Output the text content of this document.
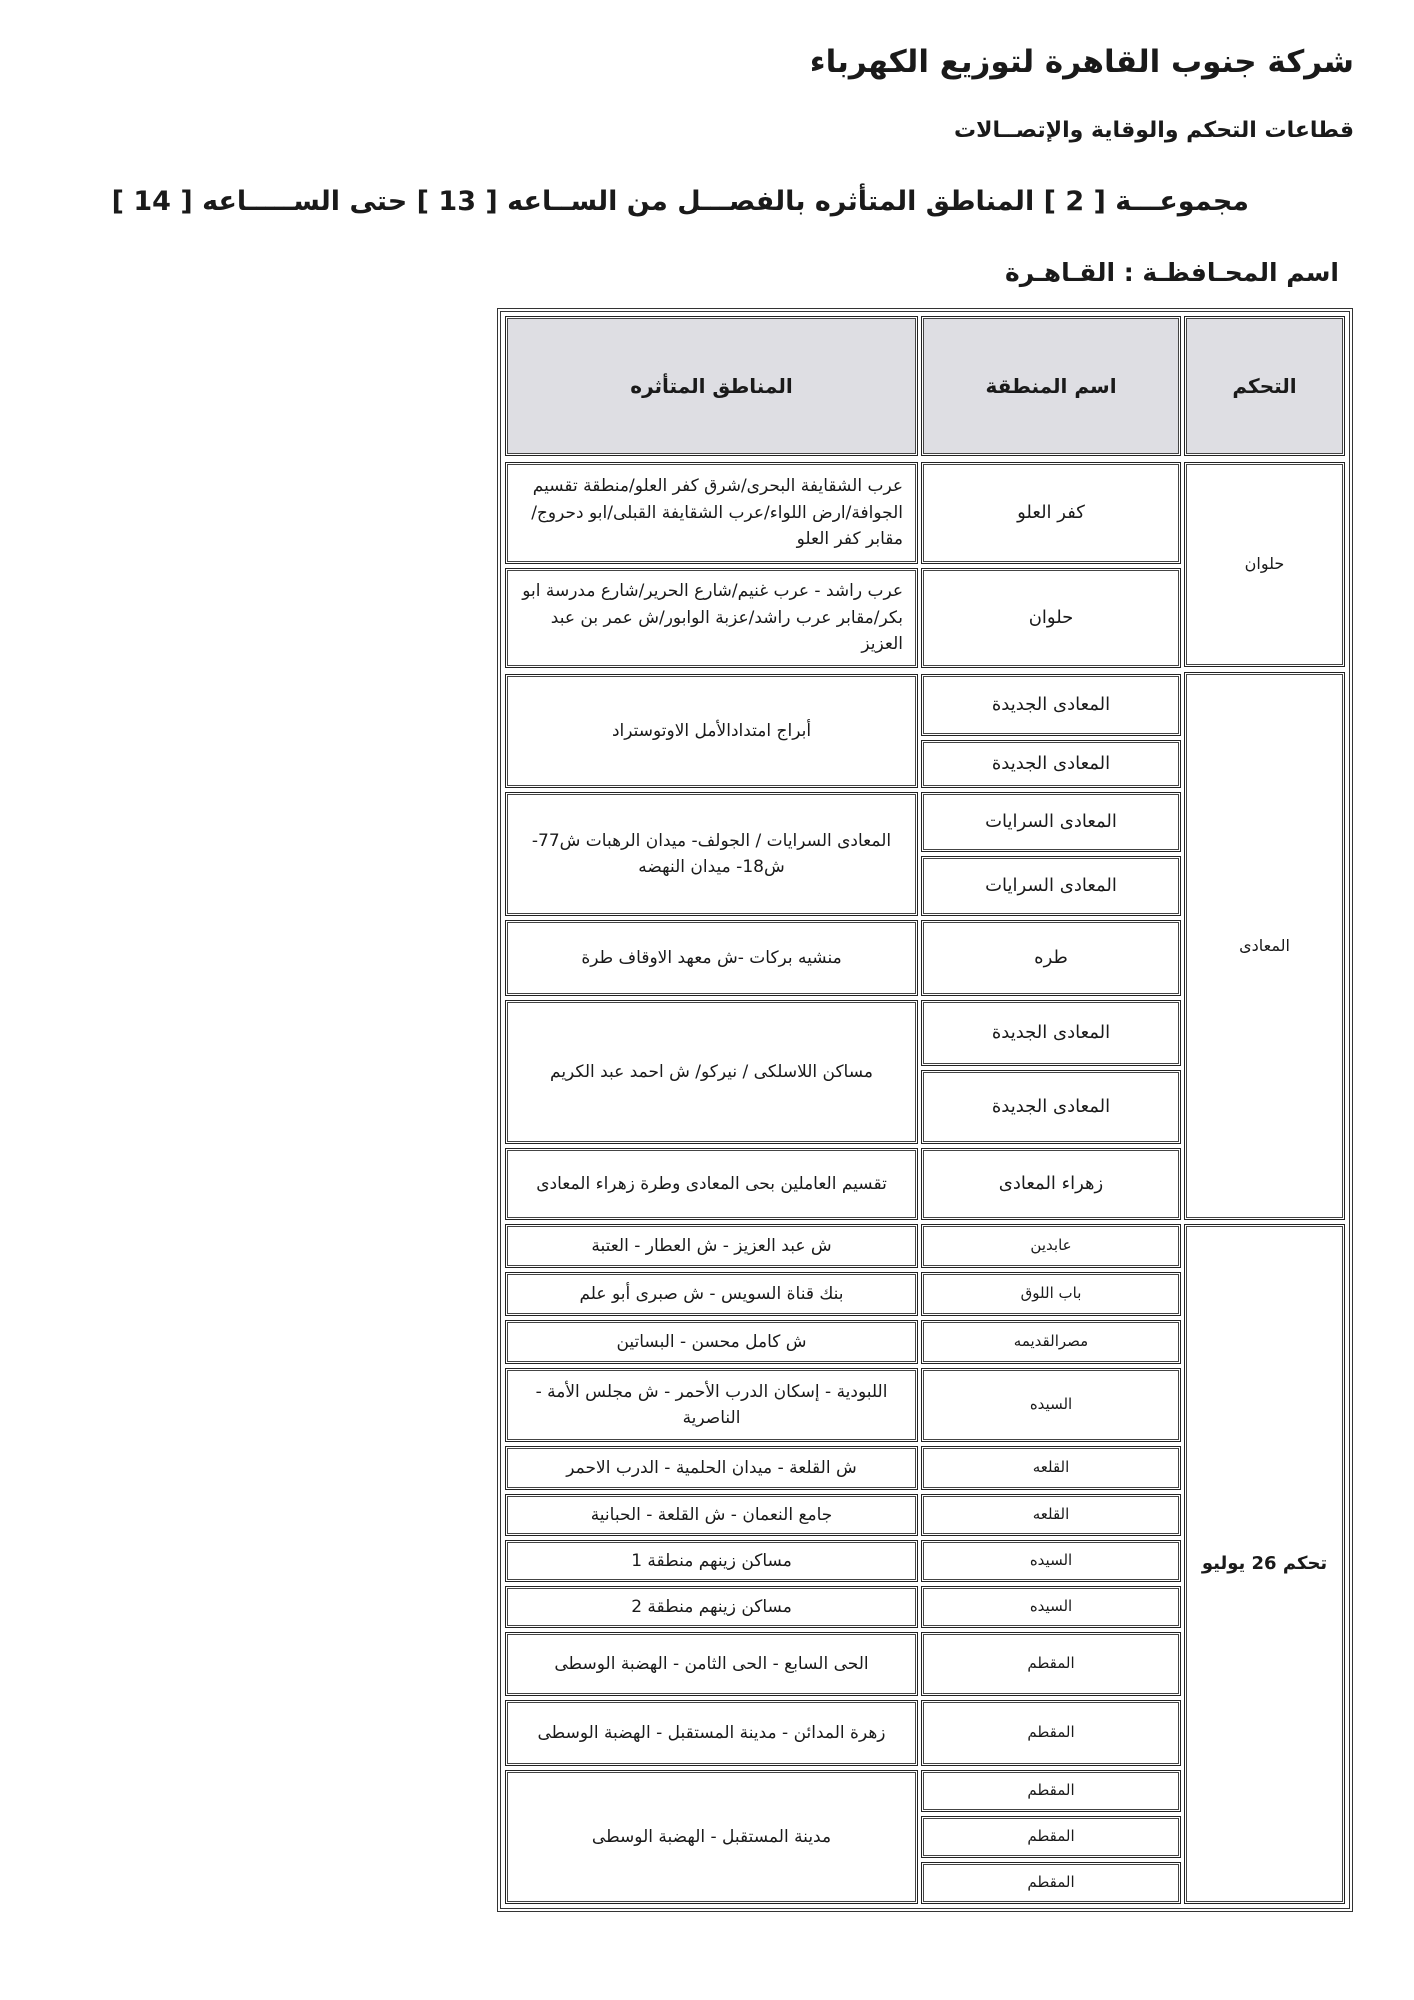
شركة جنوب القاهرة لتوزيع الكهرباء
قطاعات التحكم والوقاية والإتصــالات
مجموعـــة [ 2 ] المناطق المتأثره بالفصـــل من الســاعه [ 13 ] حتى الســـــاعه [ 14 ]
اسم المحـافظـة : القـاهـرة
التحكم
اسم المنطقة
المناطق المتأثره
حلوان
المعادى
تحكم 26 يوليو
كفر العلو
عرب الشقايفة البحرى/شرق كفر العلو/منطقة تقسيم الجوافة/ارض اللواء/عرب الشقايفة القبلى/ابو دحروج/مقابر كفر العلو
حلوان
عرب راشد - عرب غنيم/شارع الحرير/شارع مدرسة ابو بكر/مقابر عرب راشد/عزبة الوابور/ش عمر بن عبد العزيز
المعادى الجديدة
المعادى الجديدة
أبراج امتدادالأمل الاوتوستراد
المعادى السرايات
المعادى السرايات
المعادى السرايات / الجولف- ميدان الرهبات ش77-ش18- ميدان النهضه
طره
منشيه بركات -ش معهد الاوقاف طرة
المعادى الجديدة
المعادى الجديدة
مساكن اللاسلكى / نيركو/ ش احمد عبد الكريم
زهراء المعادى
تقسيم العاملين بحى المعادى وطرة زهراء المعادى
عابدين
ش عبد العزيز - ش العطار - العتبة
باب اللوق
بنك قناة السويس - ش صبرى أبو علم
مصرالقديمه
ش كامل محسن - البساتين
السيده
اللبودية - إسكان الدرب الأحمر - ش مجلس الأمة - الناصرية
القلعه
ش القلعة - ميدان الحلمية - الدرب الاحمر
القلعه
جامع النعمان - ش القلعة - الحبانية
السيده
مساكن زينهم منطقة 1
السيده
مساكن زينهم منطقة 2
المقطم
الحى السابع - الحى الثامن - الهضبة الوسطى
المقطم
زهرة المدائن - مدينة المستقبل - الهضبة الوسطى
المقطم
المقطم
المقطم
مدينة المستقبل - الهضبة الوسطى
